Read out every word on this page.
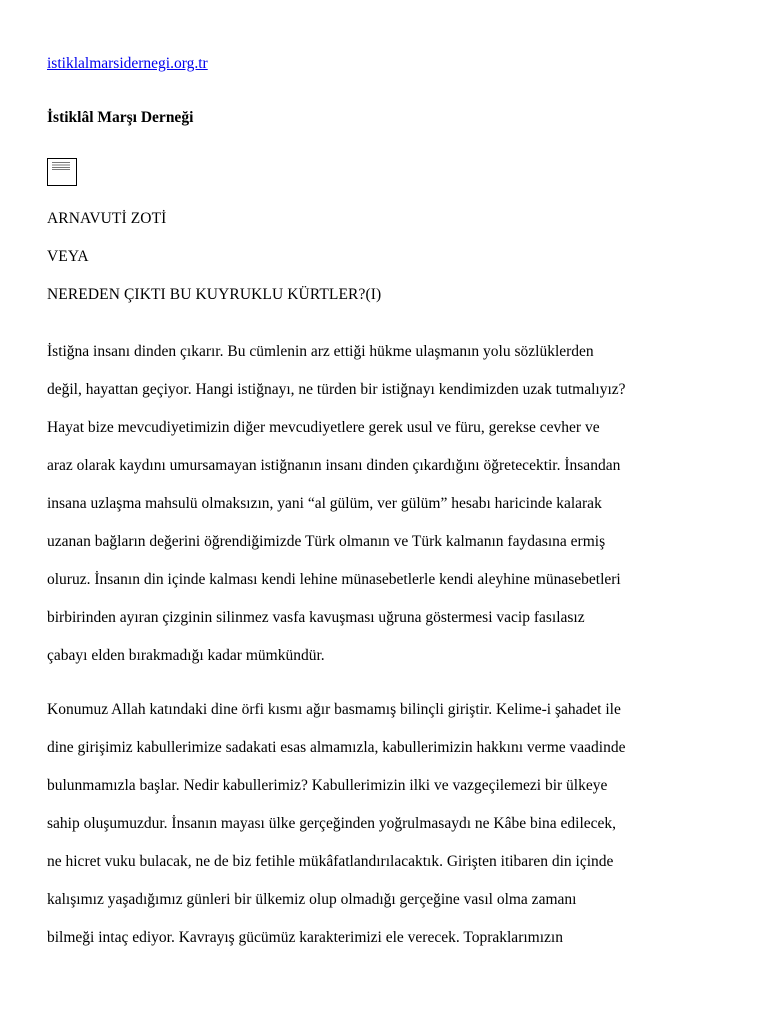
istiklalmarsidernegi.org.tr
İstiklâl Marşı Derneği
ARNAVUTİ ZOTİ
VEYA
NEREDEN ÇIKTI BU KUYRUKLU KÜRTLER?(I)
İstiğna insanı dinden çıkarır. Bu cümlenin arz ettiği hükme ulaşmanın yolu sözlüklerden
değil, hayattan geçiyor. Hangi istiğnayı, ne türden bir istiğnayı kendimizden uzak tutmalıyız?
Hayat bize mevcudiyetimizin diğer mevcudiyetlere gerek usul ve füru, gerekse cevher ve
araz olarak kaydını umursamayan istiğnanın insanı dinden çıkardığını öğretecektir. İnsandan
insana uzlaşma mahsulü olmaksızın, yani “al gülüm, ver gülüm” hesabı haricinde kalarak
uzanan bağların değerini öğrendiğimizde Türk olmanın ve Türk kalmanın faydasına ermiş
oluruz. İnsanın din içinde kalması kendi lehine münasebetlerle kendi aleyhine münasebetleri
birbirinden ayıran çizginin silinmez vasfa kavuşması uğruna göstermesi vacip fasılasız
çabayı elden bırakmadığı kadar mümkündür.
Konumuz Allah katındaki dine örfi kısmı ağır basmamış bilinçli giriştir. Kelime-i şahadet ile
dine girişimiz kabullerimize sadakati esas almamızla, kabullerimizin hakkını verme vaadinde
bulunmamızla başlar. Nedir kabullerimiz? Kabullerimizin ilki ve vazgeçilemezi bir ülkeye
sahip oluşumuzdur. İnsanın mayası ülke gerçeğinden yoğrulmasaydı ne Kâbe bina edilecek,
ne hicret vuku bulacak, ne de biz fetihle mükâfatlandırılacaktık. Girişten itibaren din içinde
kalışımız yaşadığımız günleri bir ülkemiz olup olmadığı gerçeğine vasıl olma zamanı
bilmeği intaç ediyor. Kavrayış gücümüz karakterimizi ele verecek. Topraklarımızın
